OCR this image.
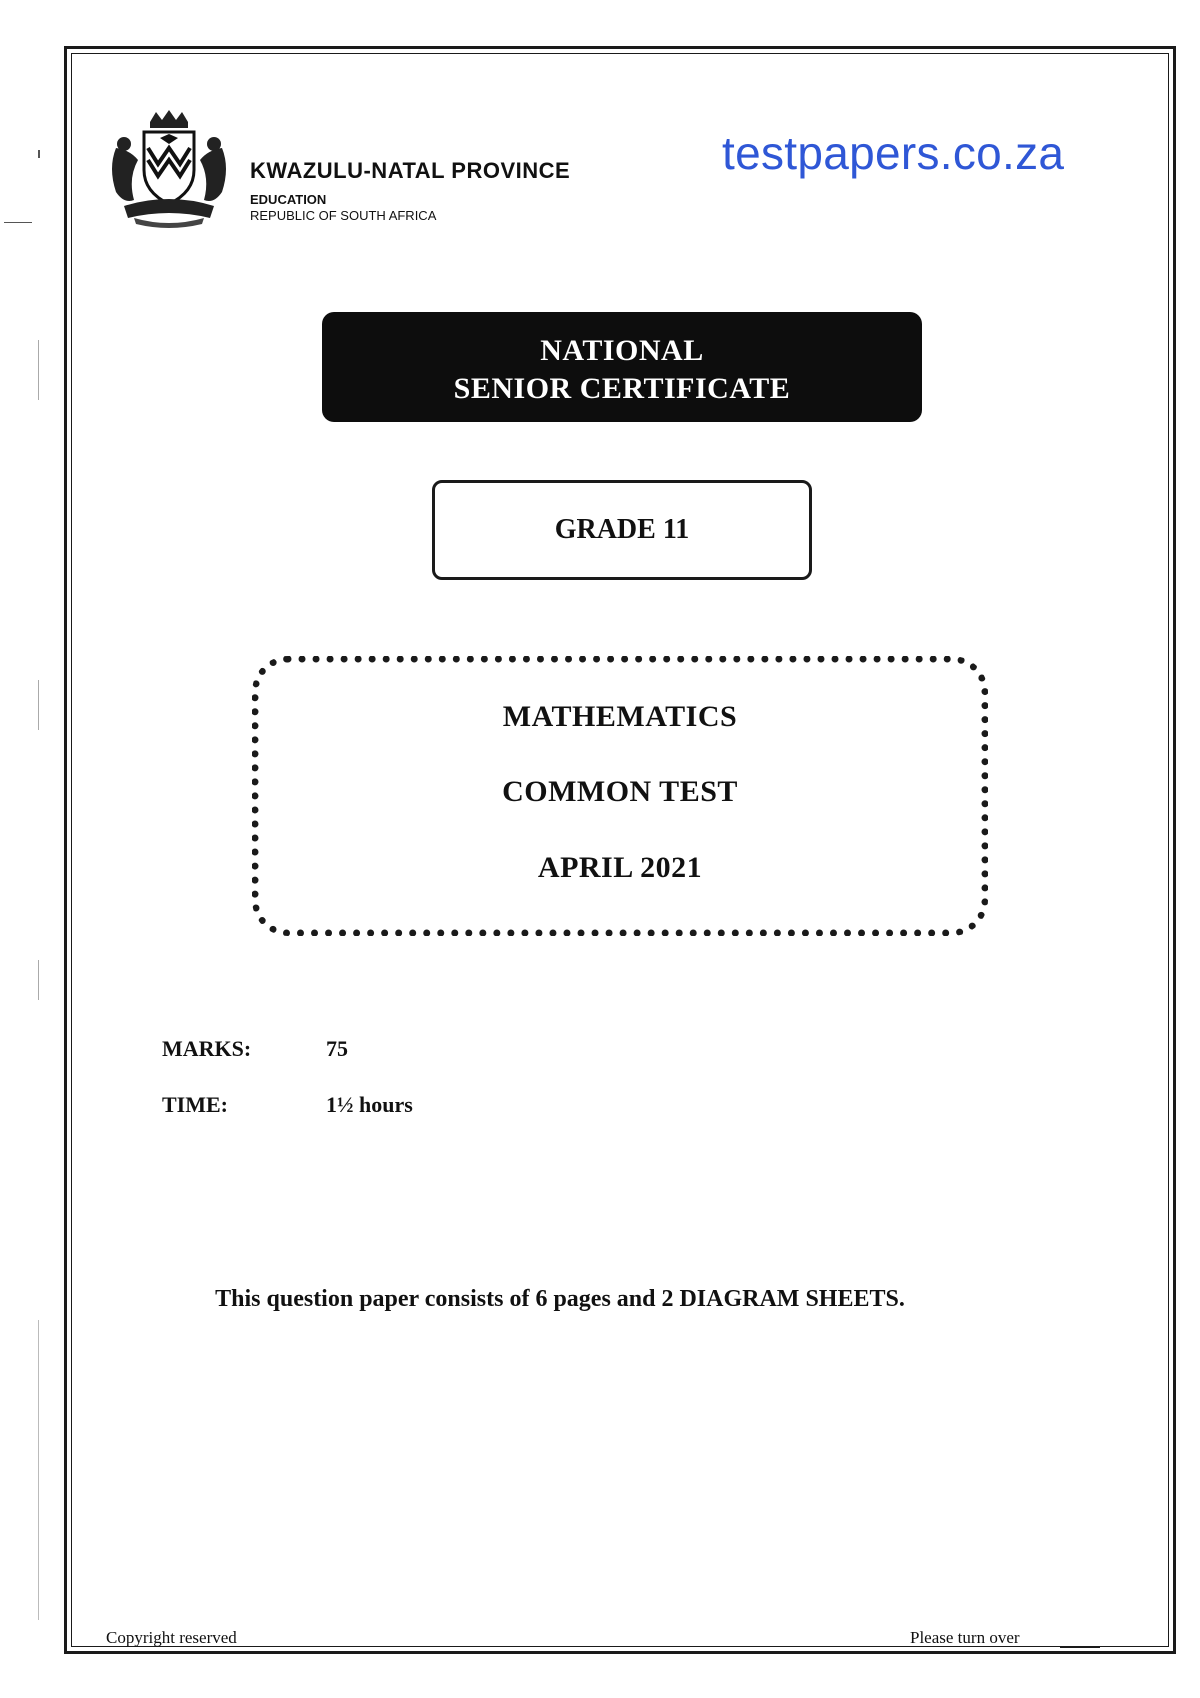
KWAZULU-NATAL PROVINCE
EDUCATION
REPUBLIC OF SOUTH AFRICA
testpapers.co.za
NATIONAL
SENIOR CERTIFICATE
GRADE 11
MATHEMATICS
COMMON TEST
APRIL 2021
MARKS:	75
TIME:	1½ hours
This question paper consists of 6 pages and 2 DIAGRAM SHEETS.
Copyright reserved	Please turn over
